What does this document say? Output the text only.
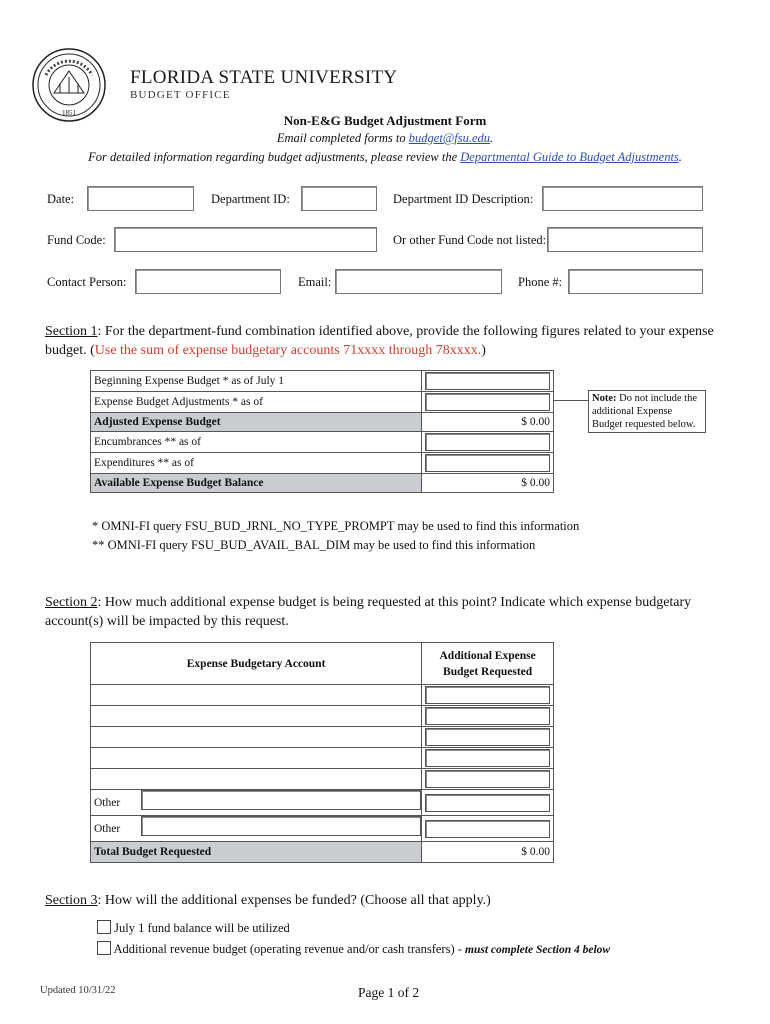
1851
FLORIDA STATE UNIVERSITY
BUDGET OFFICE
Non-E&G Budget Adjustment Form
Email completed forms to budget@fsu.edu.
For detailed information regarding budget adjustments, please review the Departmental Guide to Budget Adjustments.
Date:	Department ID:	Department ID Description:
Fund Code:	Or other Fund Code not listed:
Contact Person:	Email:	Phone #:
Section 1: For the department-fund combination identified above, provide the following figures related to your expense budget. (Use the sum of expense budgetary accounts 71xxxx through 78xxxx.)
Beginning Expense Budget * as of July 1	

Expense Budget Adjustments * as of	

Adjusted Expense Budget	$ 0.00
Encumbrances ** as of	

Expenditures ** as of	

Available Expense Budget Balance	$ 0.00
Note: Do not include the additional Expense Budget requested below.
* OMNI-FI query FSU_BUD_JRNL_NO_TYPE_PROMPT may be used to find this information
** OMNI-FI query FSU_BUD_AVAIL_BAL_DIM may be used to find this information
Section 2: How much additional expense budget is being requested at this point? Indicate which expense budgetary account(s) will be impacted by this request.
Expense Budgetary Account	Additional Expense Budget Requested

Other

Other

Total Budget Requested	$ 0.00
Section 3: How will the additional expenses be funded? (Choose all that apply.)
July 1 fund balance will be utilized
Additional revenue budget (operating revenue and/or cash transfers) - must complete Section 4 below
Updated 10/31/22	Page 1 of 2
